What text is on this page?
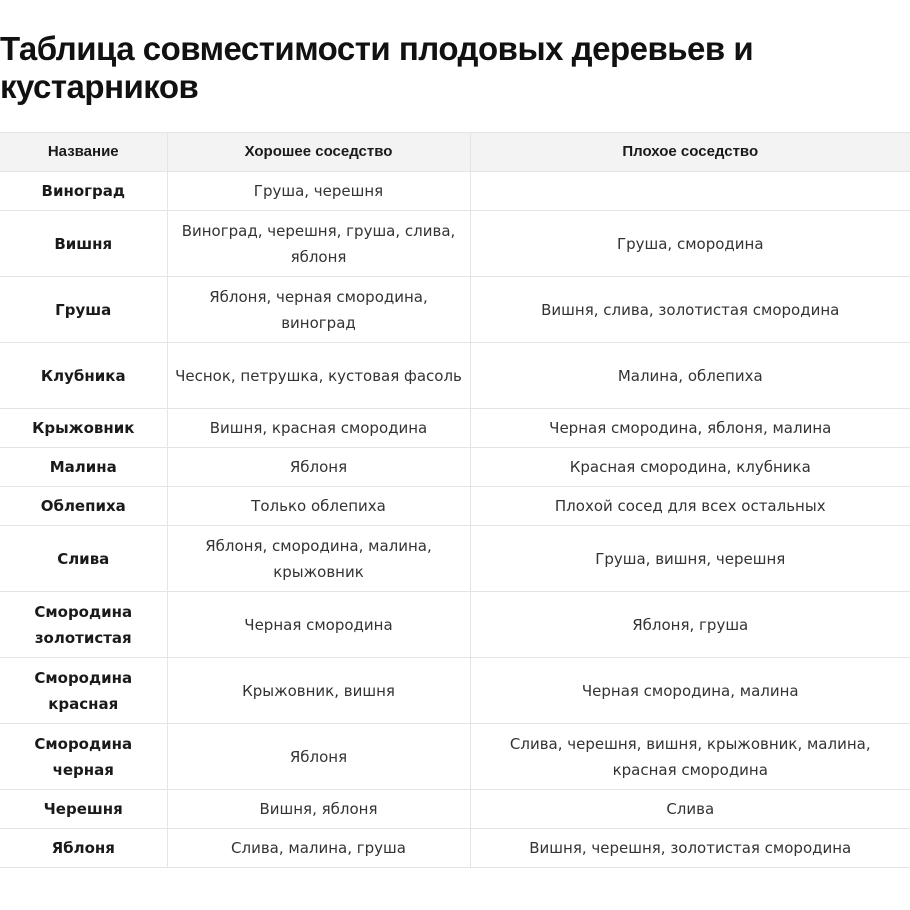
Таблица совместимости плодовых деревьев и кустарников
Название	Хорошее соседство	Плохое соседство
Виноград	Груша, черешня	
Вишня	Виноград, черешня, груша, слива, яблоня	Груша, смородина
Груша	Яблоня, черная смородина, виноград	Вишня, слива, золотистая смородина
Клубника	Чеснок, петрушка, кустовая фасоль	Малина, облепиха
Крыжовник	Вишня, красная смородина	Черная смородина, яблоня, малина
Малина	Яблоня	Красная смородина, клубника
Облепиха	Только облепиха	Плохой сосед для всех остальных
Слива	Яблоня, смородина, малина, крыжовник	Груша, вишня, черешня
Смородина золотистая	Черная смородина	Яблоня, груша
Смородина красная	Крыжовник, вишня	Черная смородина, малина
Смородина черная	Яблоня	Слива, черешня, вишня, крыжовник, малина, красная смородина
Черешня	Вишня, яблоня	Слива
Яблоня	Слива, малина, груша	Вишня, черешня, золотистая смородина
